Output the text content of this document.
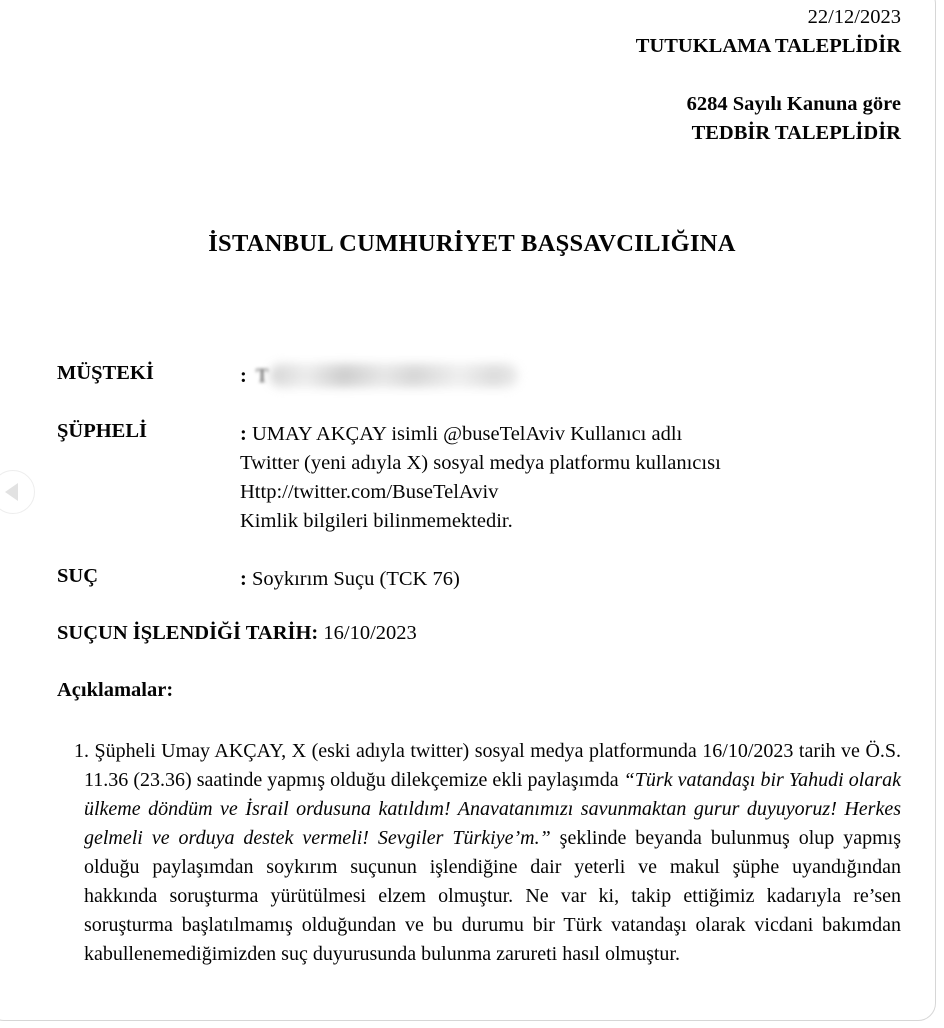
22/12/2023
TUTUKLAMA TALEPLİDİR
6284 Sayılı Kanuna göre
TEDBİR TALEPLİDİR
İSTANBUL CUMHURİYET BAŞSAVCILIĞINA
MÜŞTEKİ	: T
ŞÜPHELİ	: UMAY AKÇAY isimli @buseTelAviv Kullanıcı adlı
Twitter (yeni adıyla X) sosyal medya platformu kullanıcısı
Http://twitter.com/BuseTelAviv
Kimlik bilgileri bilinmemektedir.
SUÇ	: Soykırım Suçu (TCK 76)
SUÇUN İŞLENDİĞİ TARİH: 16/10/2023
Açıklamalar:
1. Şüpheli Umay AKÇAY, X (eski adıyla twitter) sosyal medya platformunda 16/10/2023 tarih ve Ö.S. 11.36 (23.36) saatinde yapmış olduğu dilekçemize ekli paylaşımda “Türk vatandaşı bir Yahudi olarak ülkeme döndüm ve İsrail ordusuna katıldım! Anavatanımızı savunmaktan gurur duyuyoruz! Herkes gelmeli ve orduya destek vermeli! Sevgiler Türkiye’m.” şeklinde beyanda bulunmuş olup yapmış olduğu paylaşımdan soykırım suçunun işlendiğine dair yeterli ve makul şüphe uyandığından hakkında soruşturma yürütülmesi elzem olmuştur. Ne var ki, takip ettiğimiz kadarıyla re’sen soruşturma başlatılmamış olduğundan ve bu durumu bir Türk vatandaşı olarak vicdani bakımdan kabullenemediğimizden suç duyurusunda bulunma zarureti hasıl olmuştur.
